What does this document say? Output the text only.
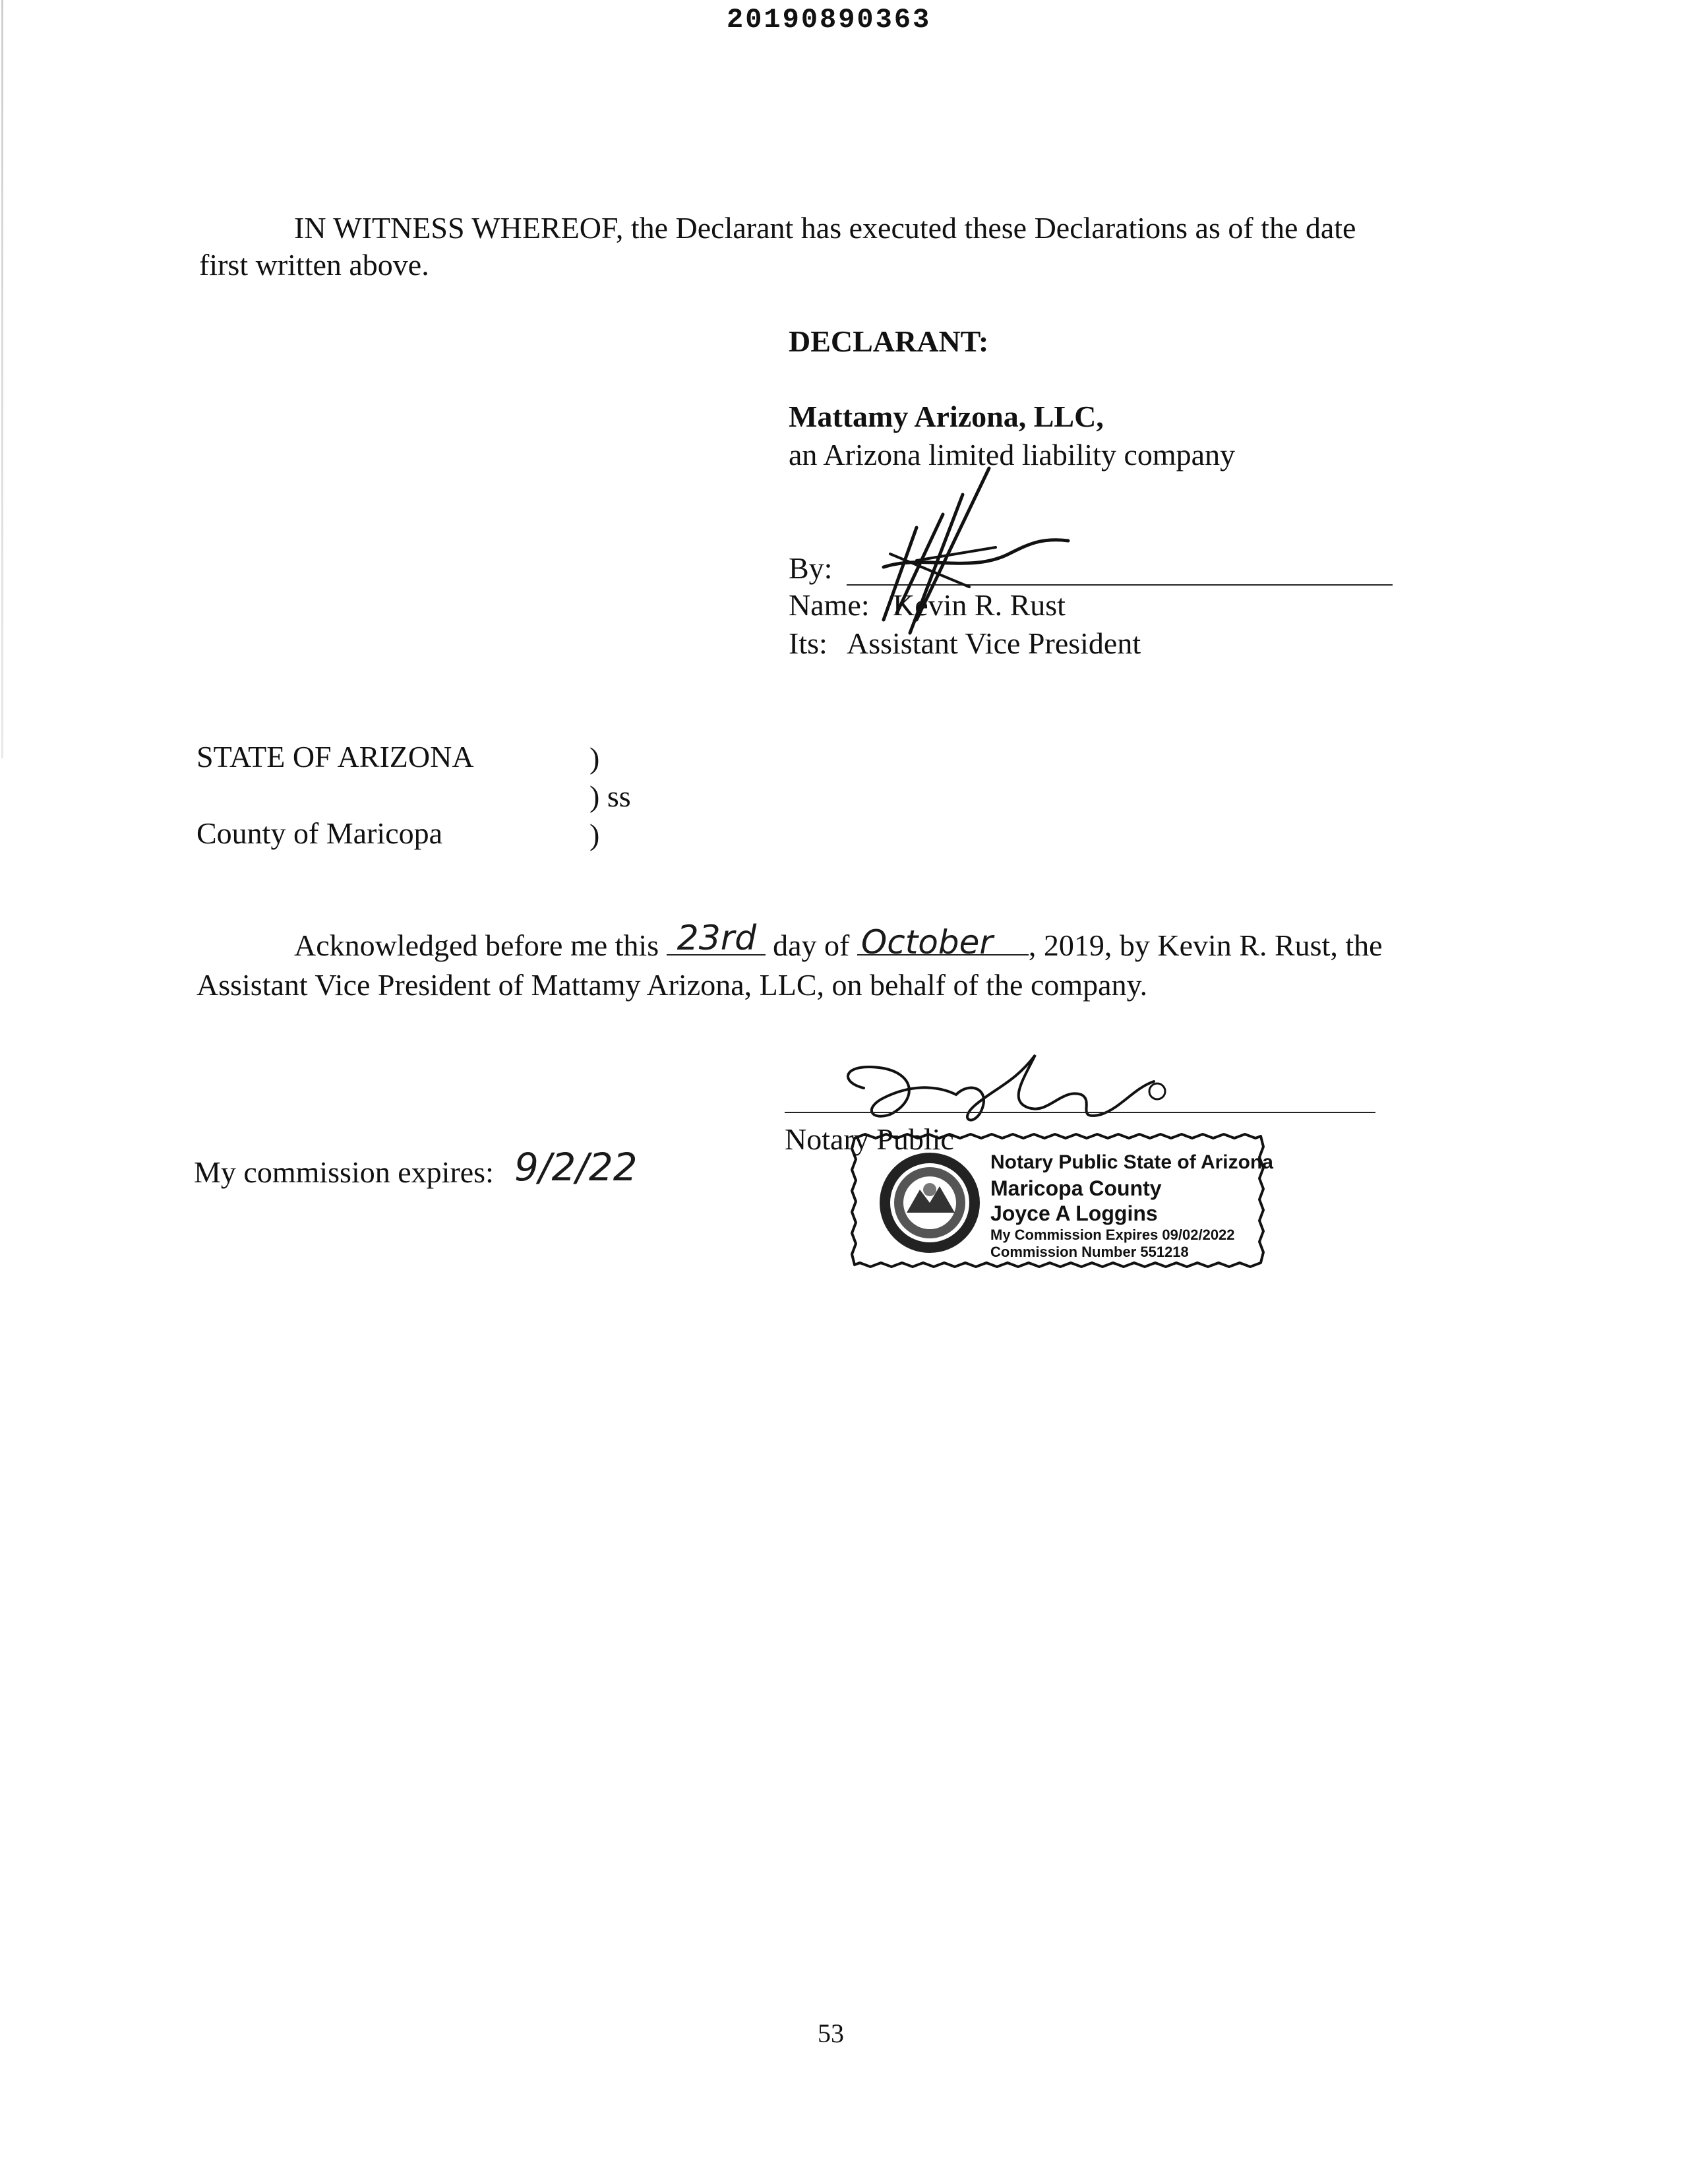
20190890363
IN WITNESS WHEREOF, the Declarant has executed these Declarations as of the date
first written above.
DECLARANT:
Mattamy Arizona, LLC,
an Arizona limited liability company
By:
Name: Kevin R. Rust
Its: Assistant Vice President
STATE OF ARIZONA	)
) ss
County of Maricopa	)
Acknowledged before me this 23rd day of October , 2019, by Kevin R. Rust, the
Assistant Vice President of Mattamy Arizona, LLC, on behalf of the company.
Notary Public
My commission expires: 9/2/22	Notary Public State of Arizona
Maricopa County
Joyce A Loggins
My Commission Expires 09/02/2022
Commission Number 551218
53
